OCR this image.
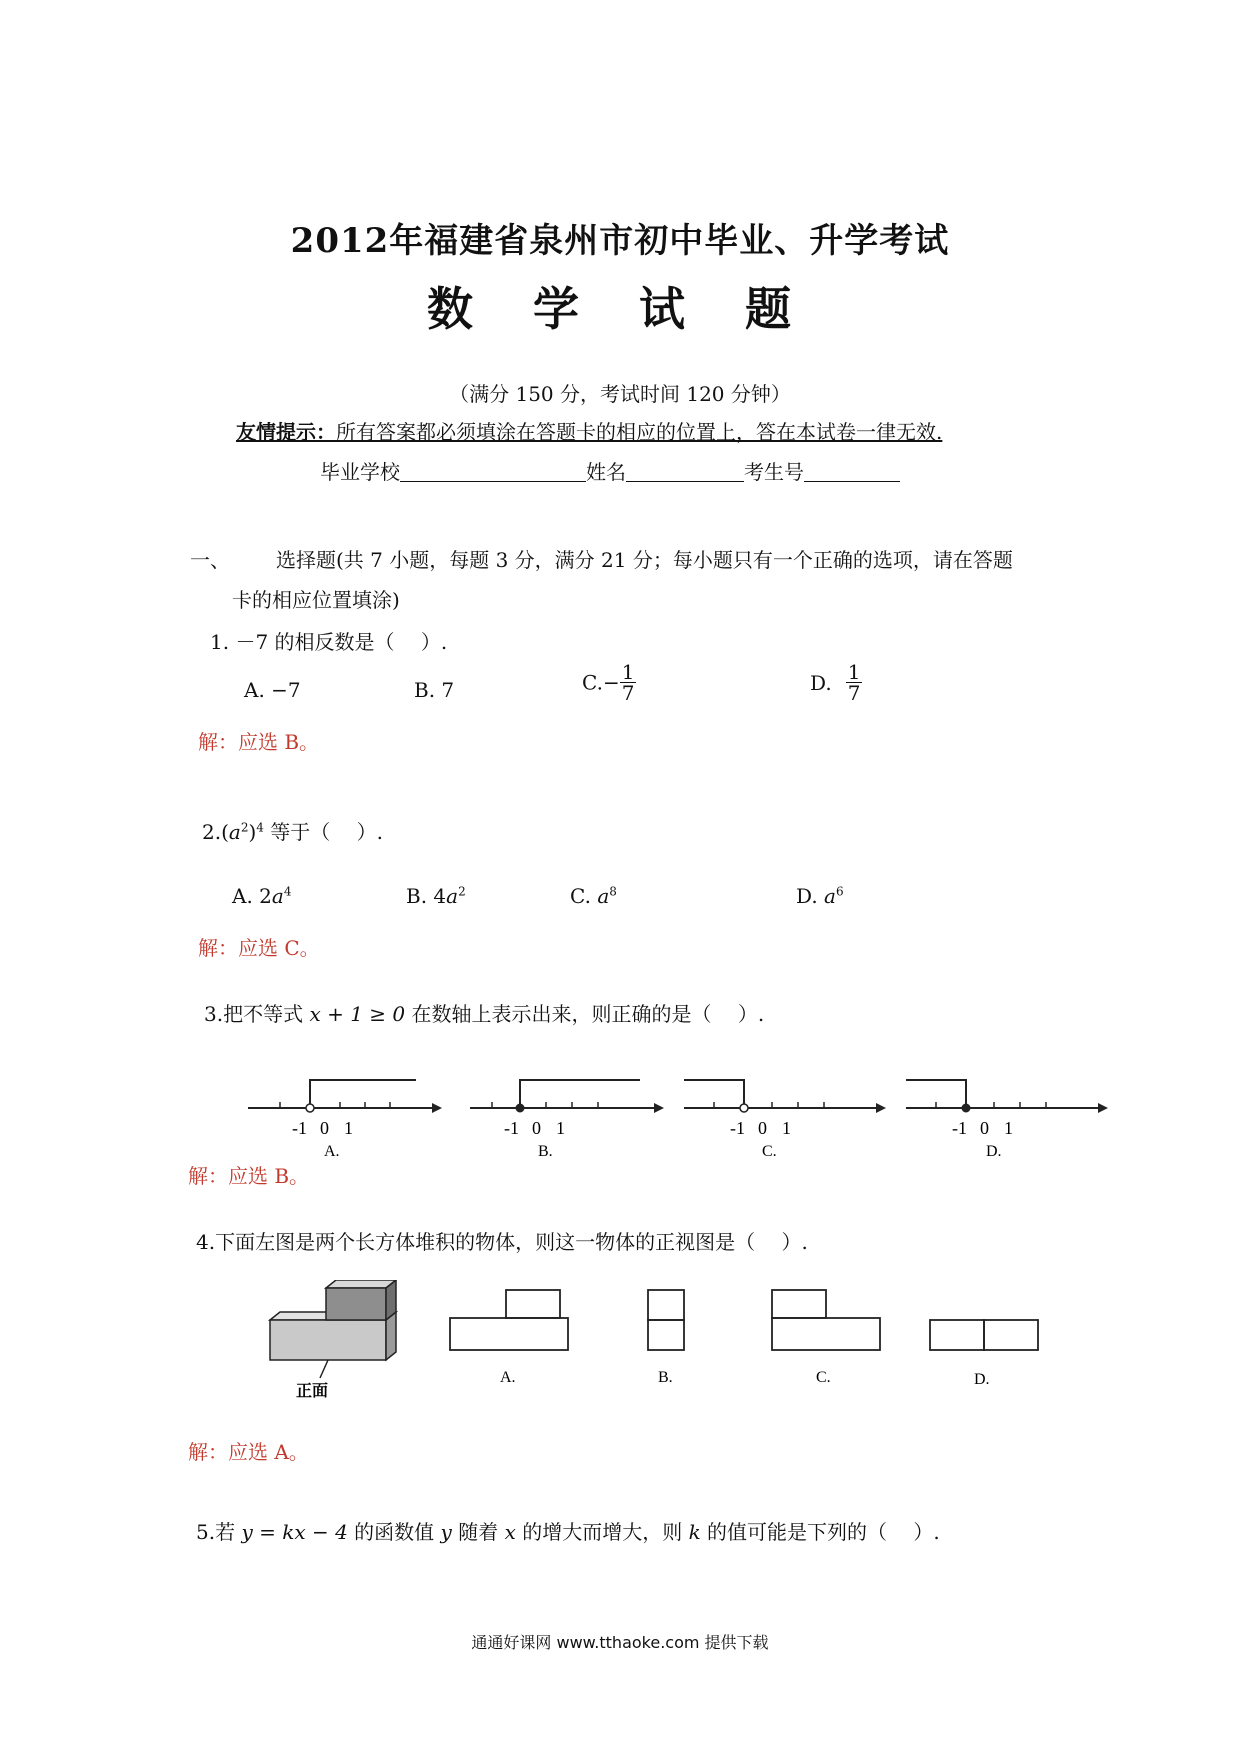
2012年福建省泉州市初中毕业、升学考试
数 学 试 题
（满分 150 分，考试时间 120 分钟）
友情提示：所有答案都必须填涂在答题卡的相应的位置上，答在本试卷一律无效.
毕业学校	姓名	考生号
一、 选择题(共 7 小题，每题 3 分，满分 21 分；每小题只有一个正确的选项，请在答题
卡的相应位置填涂)
1. －7 的相反数是（　 ）.
A. −7	B. 7	$C.- \frac{1}{7}$	D. $\frac{1}{7}$
解：应选 B。
$2.(a^2)^4$ 等于（　 ）.
A. $2a^4$	B. $4a^2$	C. $a^8$	D. $a^6$
解：应选 C。
3.把不等式 x + 1 ≥ 0 在数轴上表示出来，则正确的是（　 ）.
-1 0 1
A.
-1 0 1
B.
-1 0 1
C.
-1 0 1
D.
解：应选 B。
4.下面左图是两个长方体堆积的物体，则这一物体的正视图是（　 ）.
正面
A.	B.	C.	D.
解：应选 A。
5.若 y = kx − 4 的函数值 y 随着 x 的增大而增大，则 k 的值可能是下列的（　 ）.
通通好课网 www.tthaoke.com 提供下载
